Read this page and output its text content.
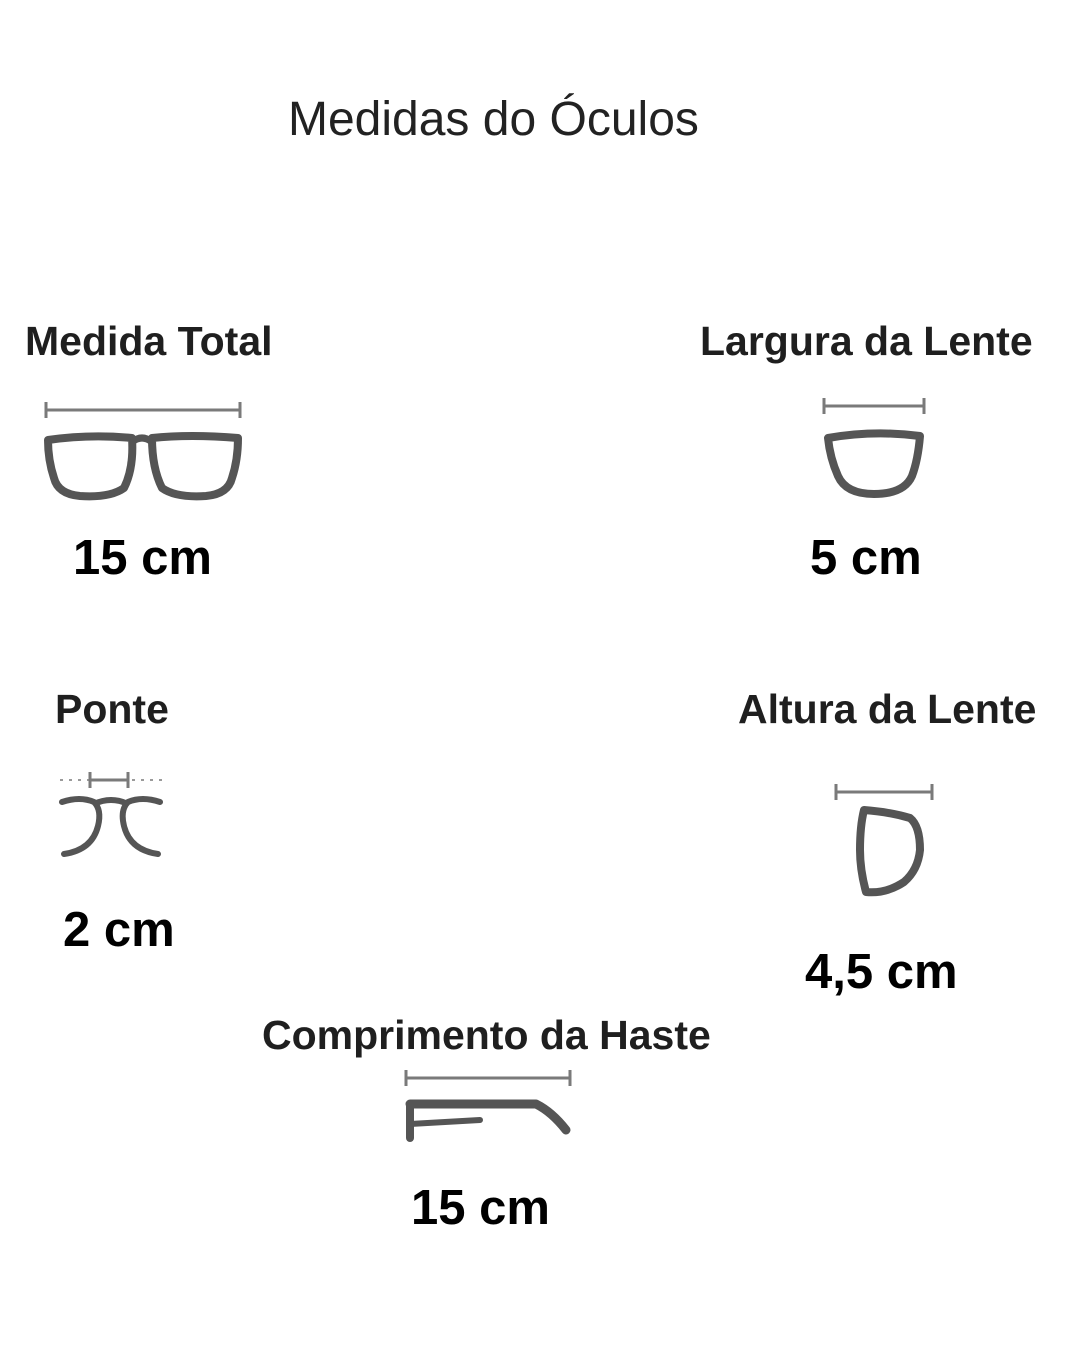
Medidas do Óculos
Medida Total
15 cm
Largura da Lente
5 cm
Ponte
2 cm
Altura da Lente
4,5 cm
Comprimento da Haste
15 cm
